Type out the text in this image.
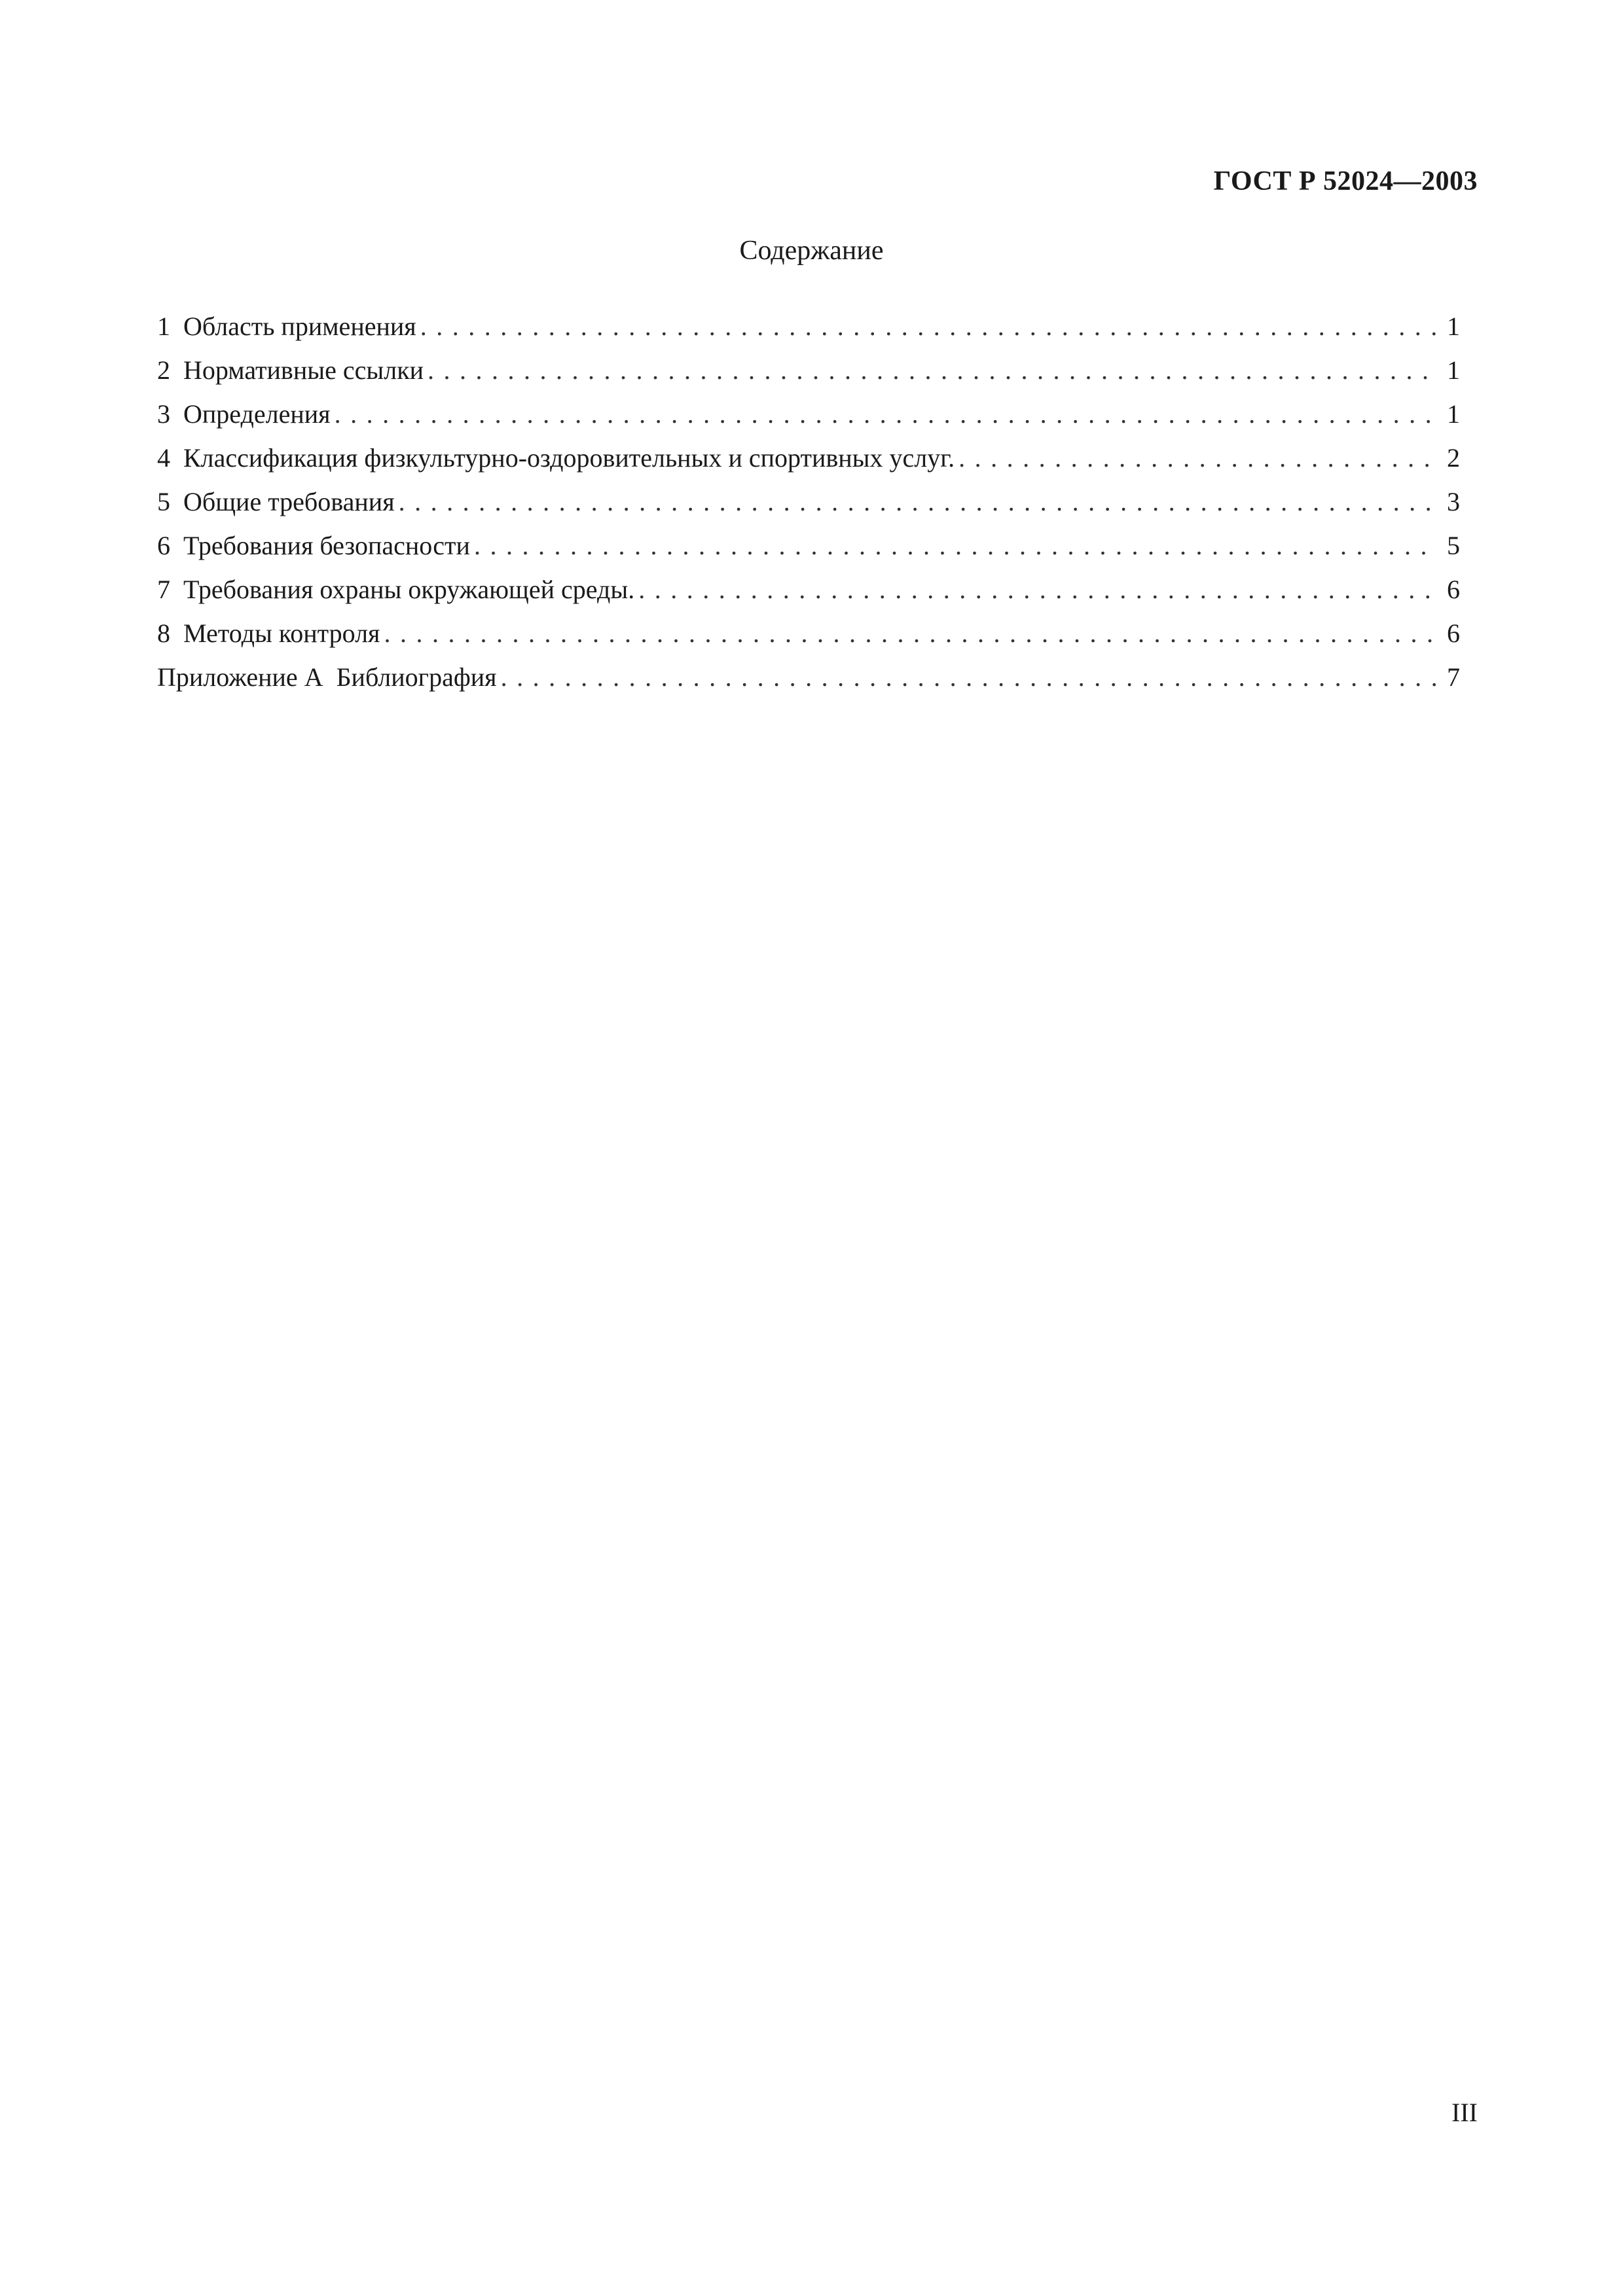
ГОСТ Р 52024—2003

Содержание
1  Область применения .....	1
2  Нормативные ссылки .....	1
3  Определения .....	1
4  Классификация физкультурно-оздоровительных и спортивных услуг. .....	2
5  Общие требования .....	3
6  Требования безопасности .....	5
7  Требования охраны окружающей среды. .....	6
8  Методы контроля .....	6
Приложение А  Библиография .....	7

III
